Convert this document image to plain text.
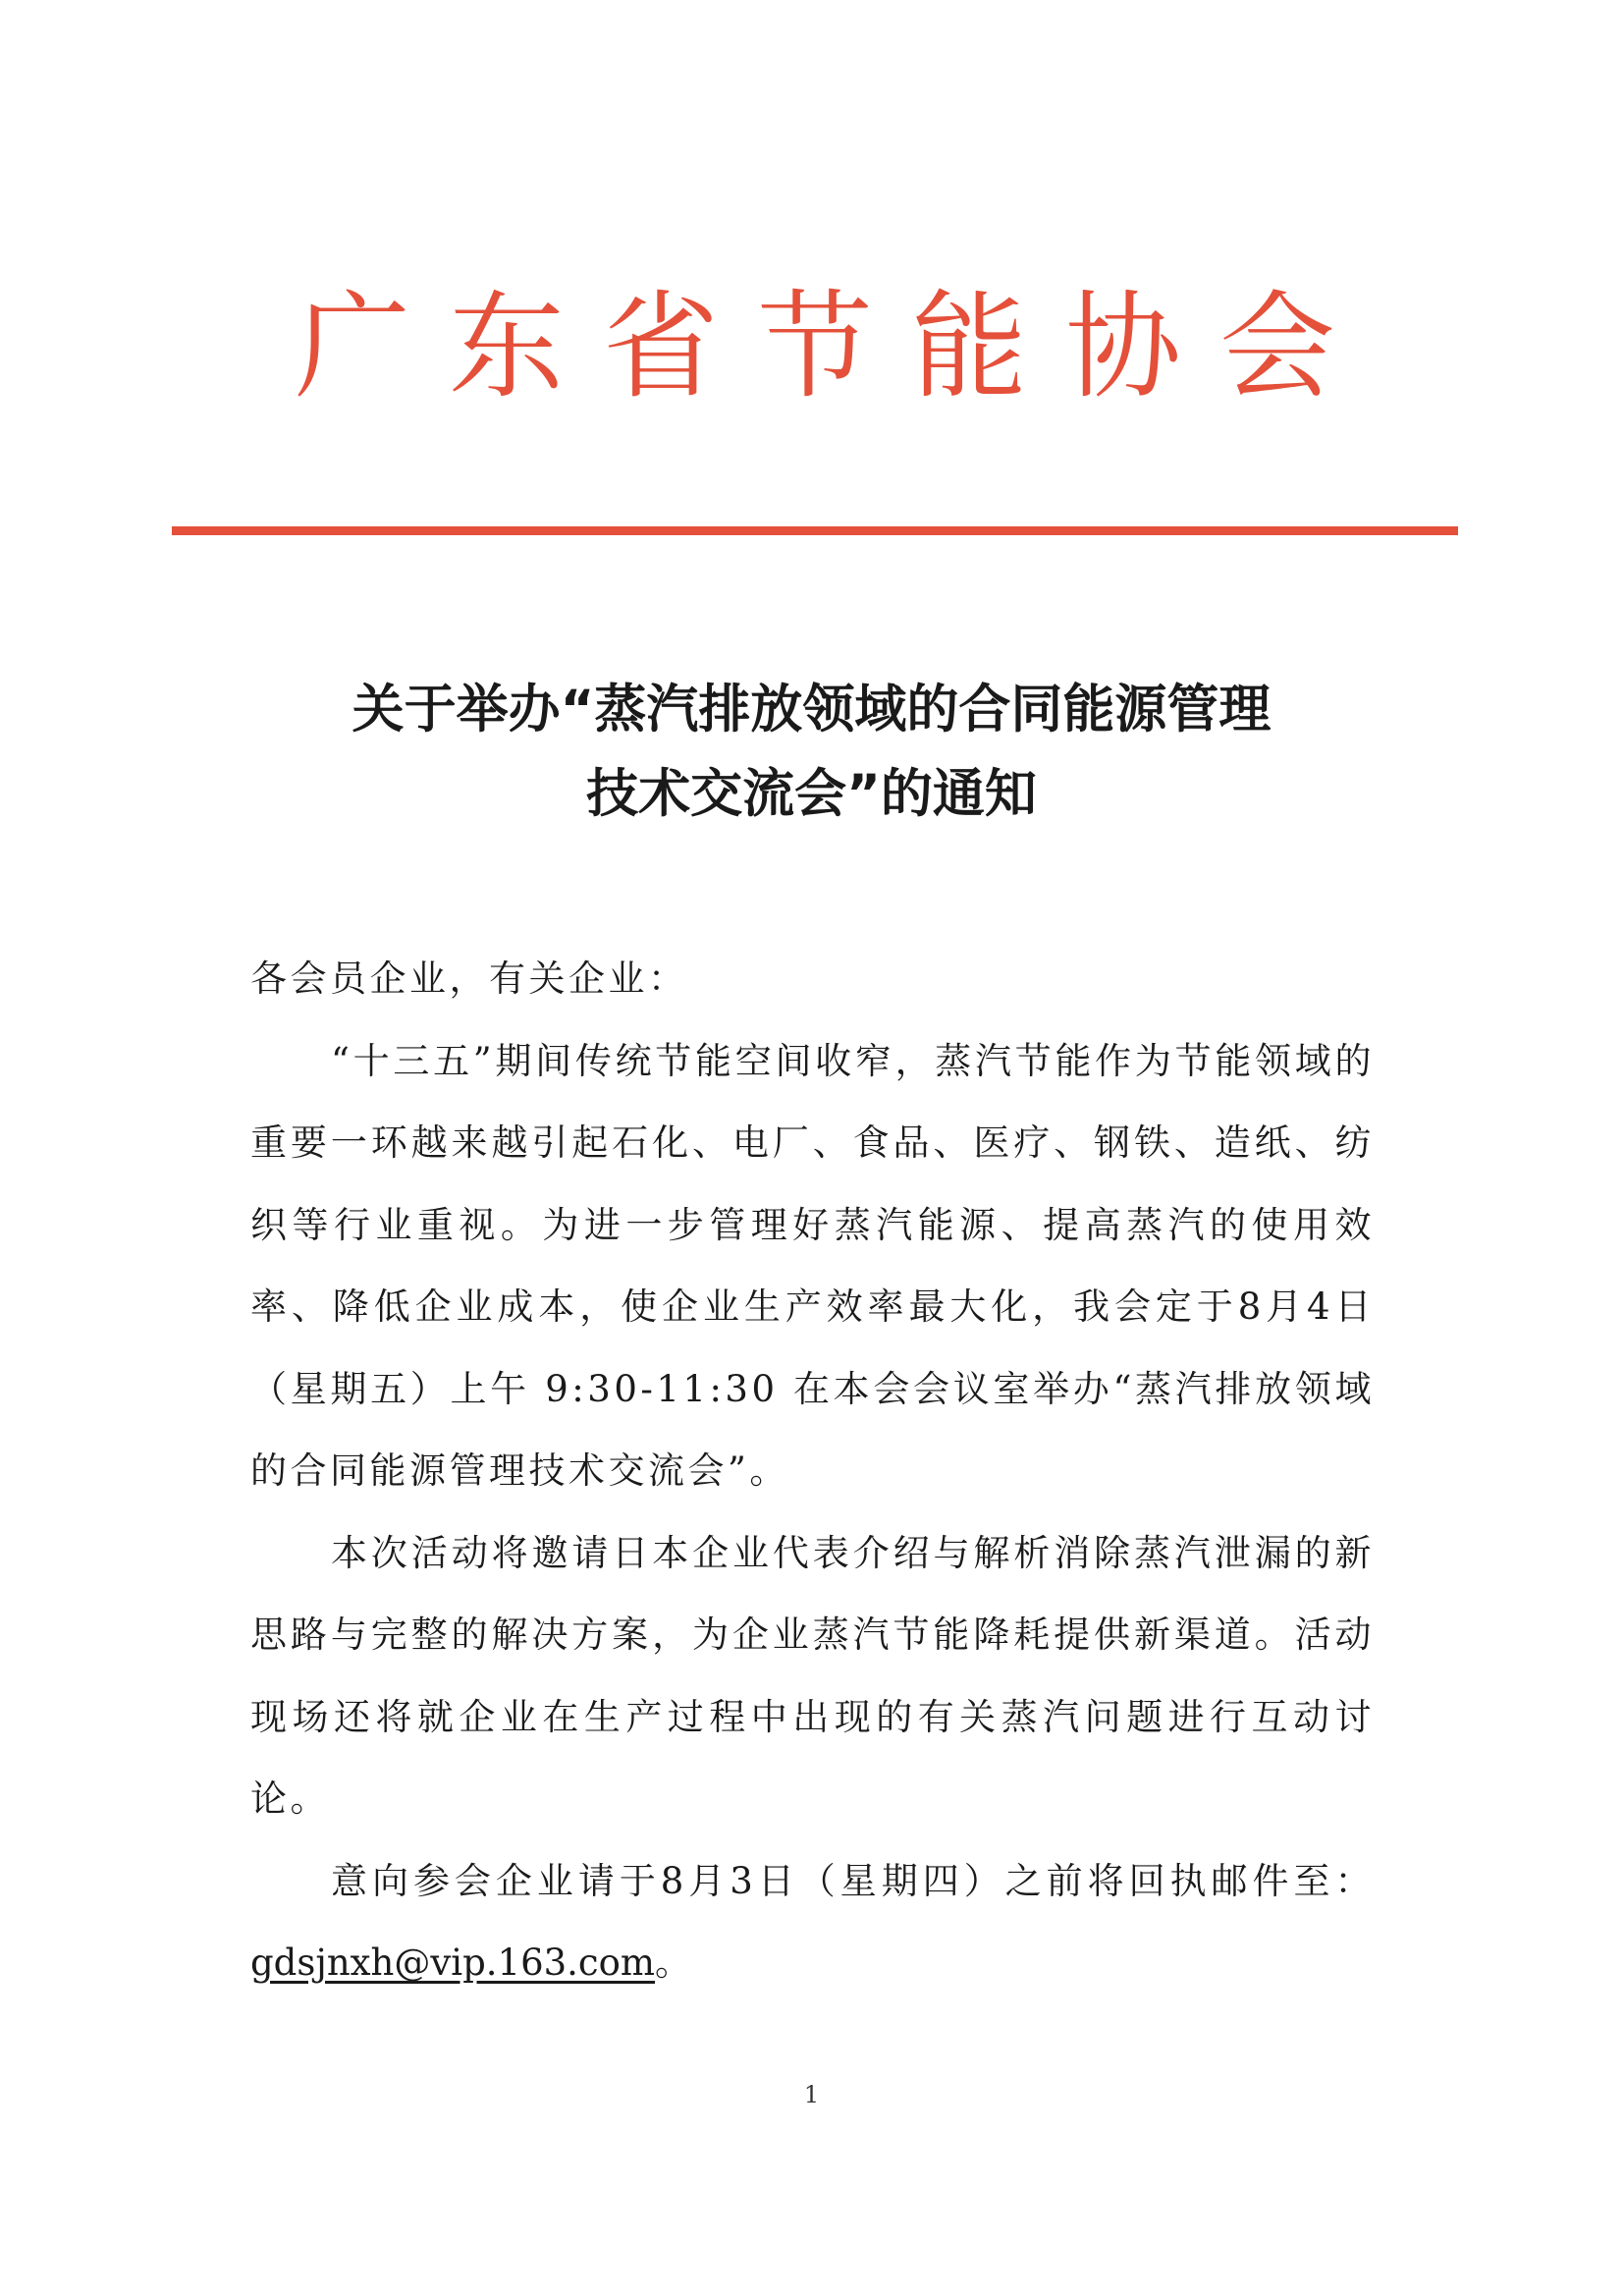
广东省节能协会
关于举办“蒸汽排放领域的合同能源管理
技术交流会”的通知

各会员企业，有关企业：

“十三五”期间传统节能空间收窄，蒸汽节能作为节能领域的重要一环越来越引起石化、电厂、食品、医疗、钢铁、造纸、纺织等行业重视。为进一步管理好蒸汽能源、提高蒸汽的使用效率、降低企业成本，使企业生产效率最大化，我会定于8月4日（星期五）上午 9:30-11:30 在本会会议室举办“蒸汽排放领域的合同能源管理技术交流会”。

本次活动将邀请日本企业代表介绍与解析消除蒸汽泄漏的新思路与完整的解决方案，为企业蒸汽节能降耗提供新渠道。活动现场还将就企业在生产过程中出现的有关蒸汽问题进行互动讨论。

意向参会企业请于8月3日（星期四）之前将回执邮件至：gdsjnxh@vip.163.com。

1
